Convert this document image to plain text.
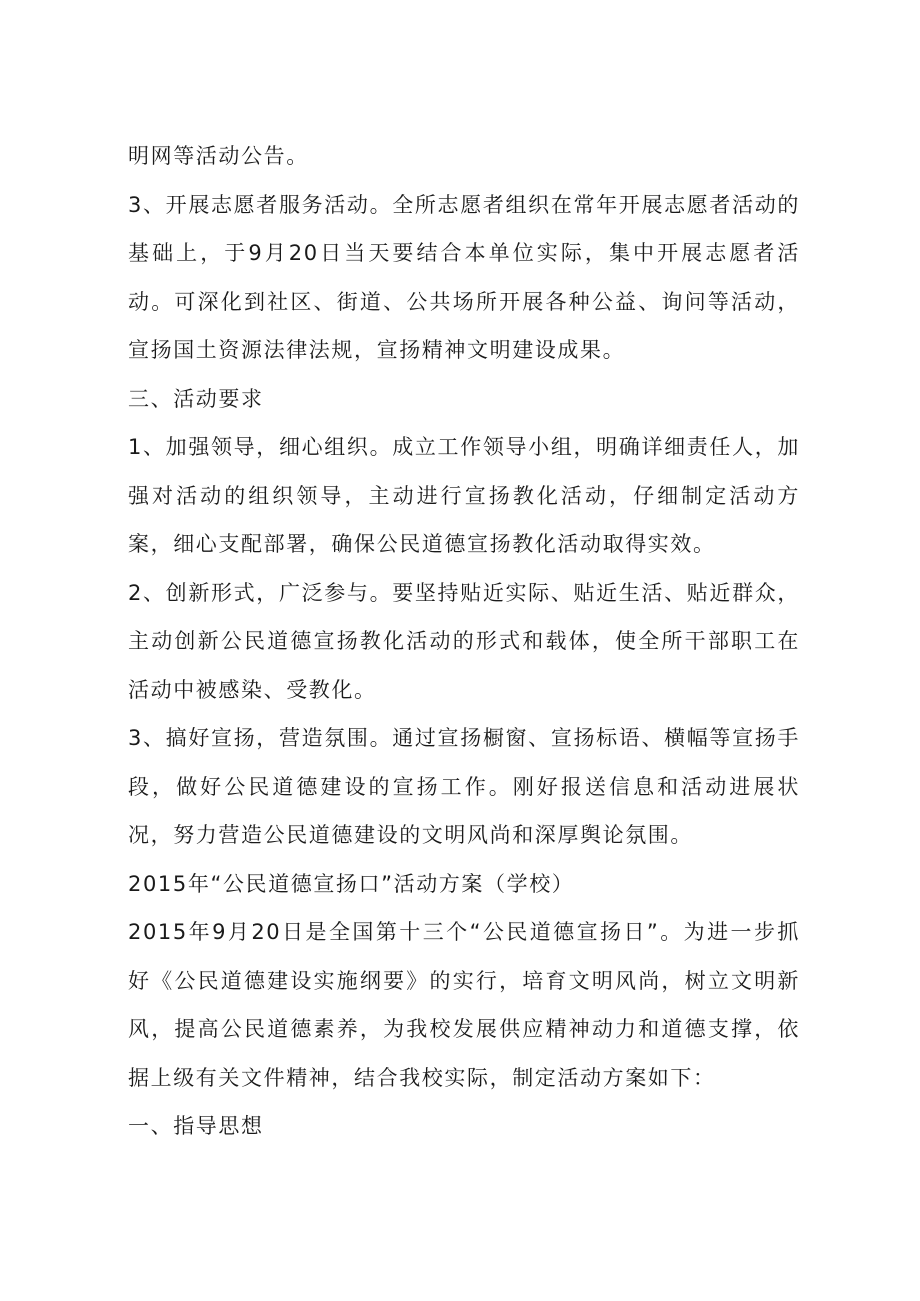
明网等活动公告。

3、开展志愿者服务活动。全所志愿者组织在常年开展志愿者活动的基础上，于9月20日当天要结合本单位实际，集中开展志愿者活动。可深化到社区、街道、公共场所开展各种公益、询问等活动，宣扬国土资源法律法规，宣扬精神文明建设成果。

三、活动要求

1、加强领导，细心组织。成立工作领导小组，明确详细责任人，加强对活动的组织领导，主动进行宣扬教化活动，仔细制定活动方案，细心支配部署，确保公民道德宣扬教化活动取得实效。

2、创新形式，广泛参与。要坚持贴近实际、贴近生活、贴近群众，主动创新公民道德宣扬教化活动的形式和载体，使全所干部职工在活动中被感染、受教化。

3、搞好宣扬，营造氛围。通过宣扬橱窗、宣扬标语、横幅等宣扬手段，做好公民道德建设的宣扬工作。刚好报送信息和活动进展状况，努力营造公民道德建设的文明风尚和深厚舆论氛围。

2015年“公民道德宣扬口”活动方案（学校）

2015年9月20日是全国第十三个“公民道德宣扬日”。为进一步抓好《公民道德建设实施纲要》的实行，培育文明风尚，树立文明新风，提高公民道德素养，为我校发展供应精神动力和道德支撑，依据上级有关文件精神，结合我校实际，制定活动方案如下：

一、指导思想
